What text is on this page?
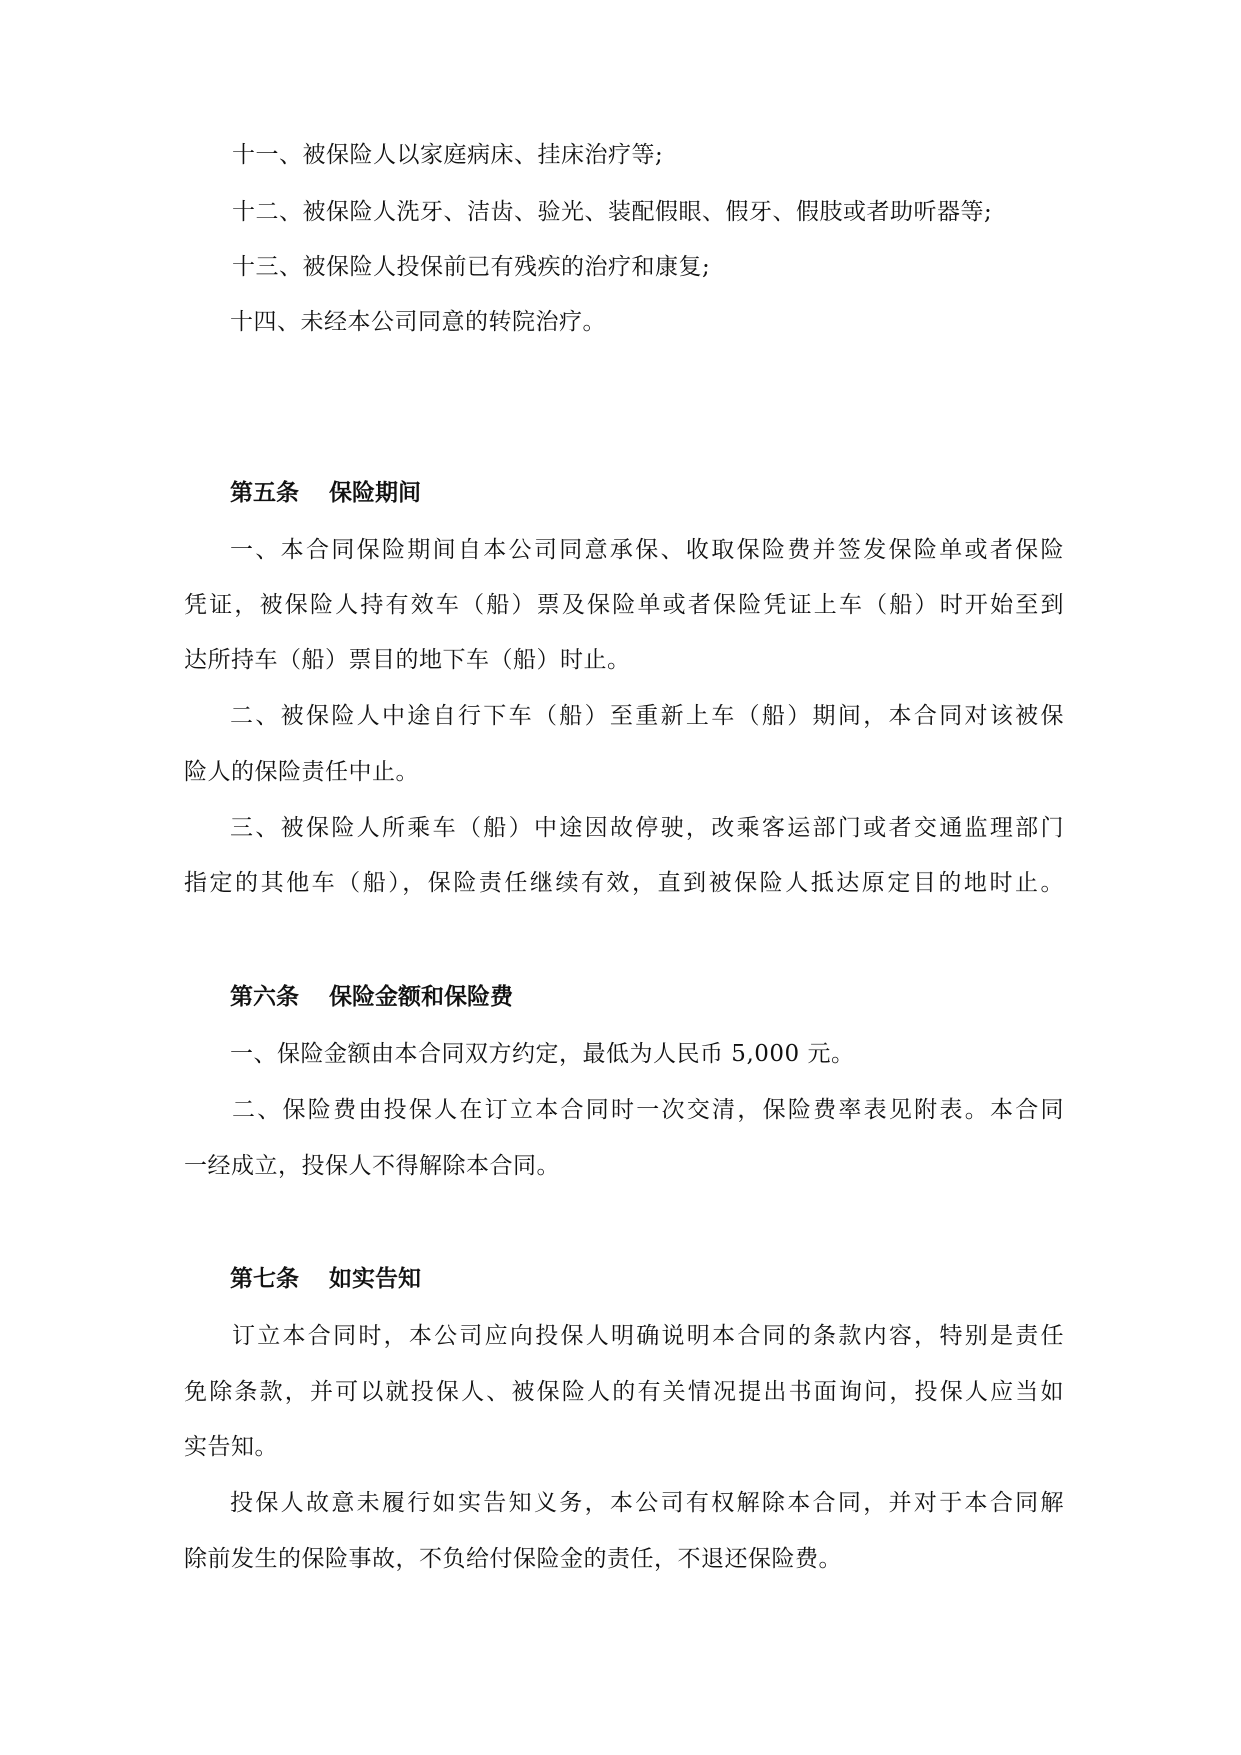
十一、被保险人以家庭病床、挂床治疗等;

十二、被保险人洗牙、洁齿、验光、装配假眼、假牙、假肢或者助听器等;

十三、被保险人投保前已有残疾的治疗和康复;

十四、未经本公司同意的转院治疗。

第五条 保险期间

一、本合同保险期间自本公司同意承保、收取保险费并签发保险单或者保险

凭证，被保险人持有效车（船）票及保险单或者保险凭证上车（船）时开始至到

达所持车（船）票目的地下车（船）时止。

二、被保险人中途自行下车（船）至重新上车（船）期间，本合同对该被保

险人的保险责任中止。

三、被保险人所乘车（船）中途因故停驶，改乘客运部门或者交通监理部门

指定的其他车（船），保险责任继续有效，直到被保险人抵达原定目的地时止。

第六条 保险金额和保险费

一、保险金额由本合同双方约定，最低为人民币 5,000 元。

二、保险费由投保人在订立本合同时一次交清，保险费率表见附表。本合同

一经成立，投保人不得解除本合同。

第七条 如实告知

订立本合同时，本公司应向投保人明确说明本合同的条款内容，特别是责任

免除条款，并可以就投保人、被保险人的有关情况提出书面询问，投保人应当如

实告知。

投保人故意未履行如实告知义务，本公司有权解除本合同，并对于本合同解

除前发生的保险事故，不负给付保险金的责任，不退还保险费。
